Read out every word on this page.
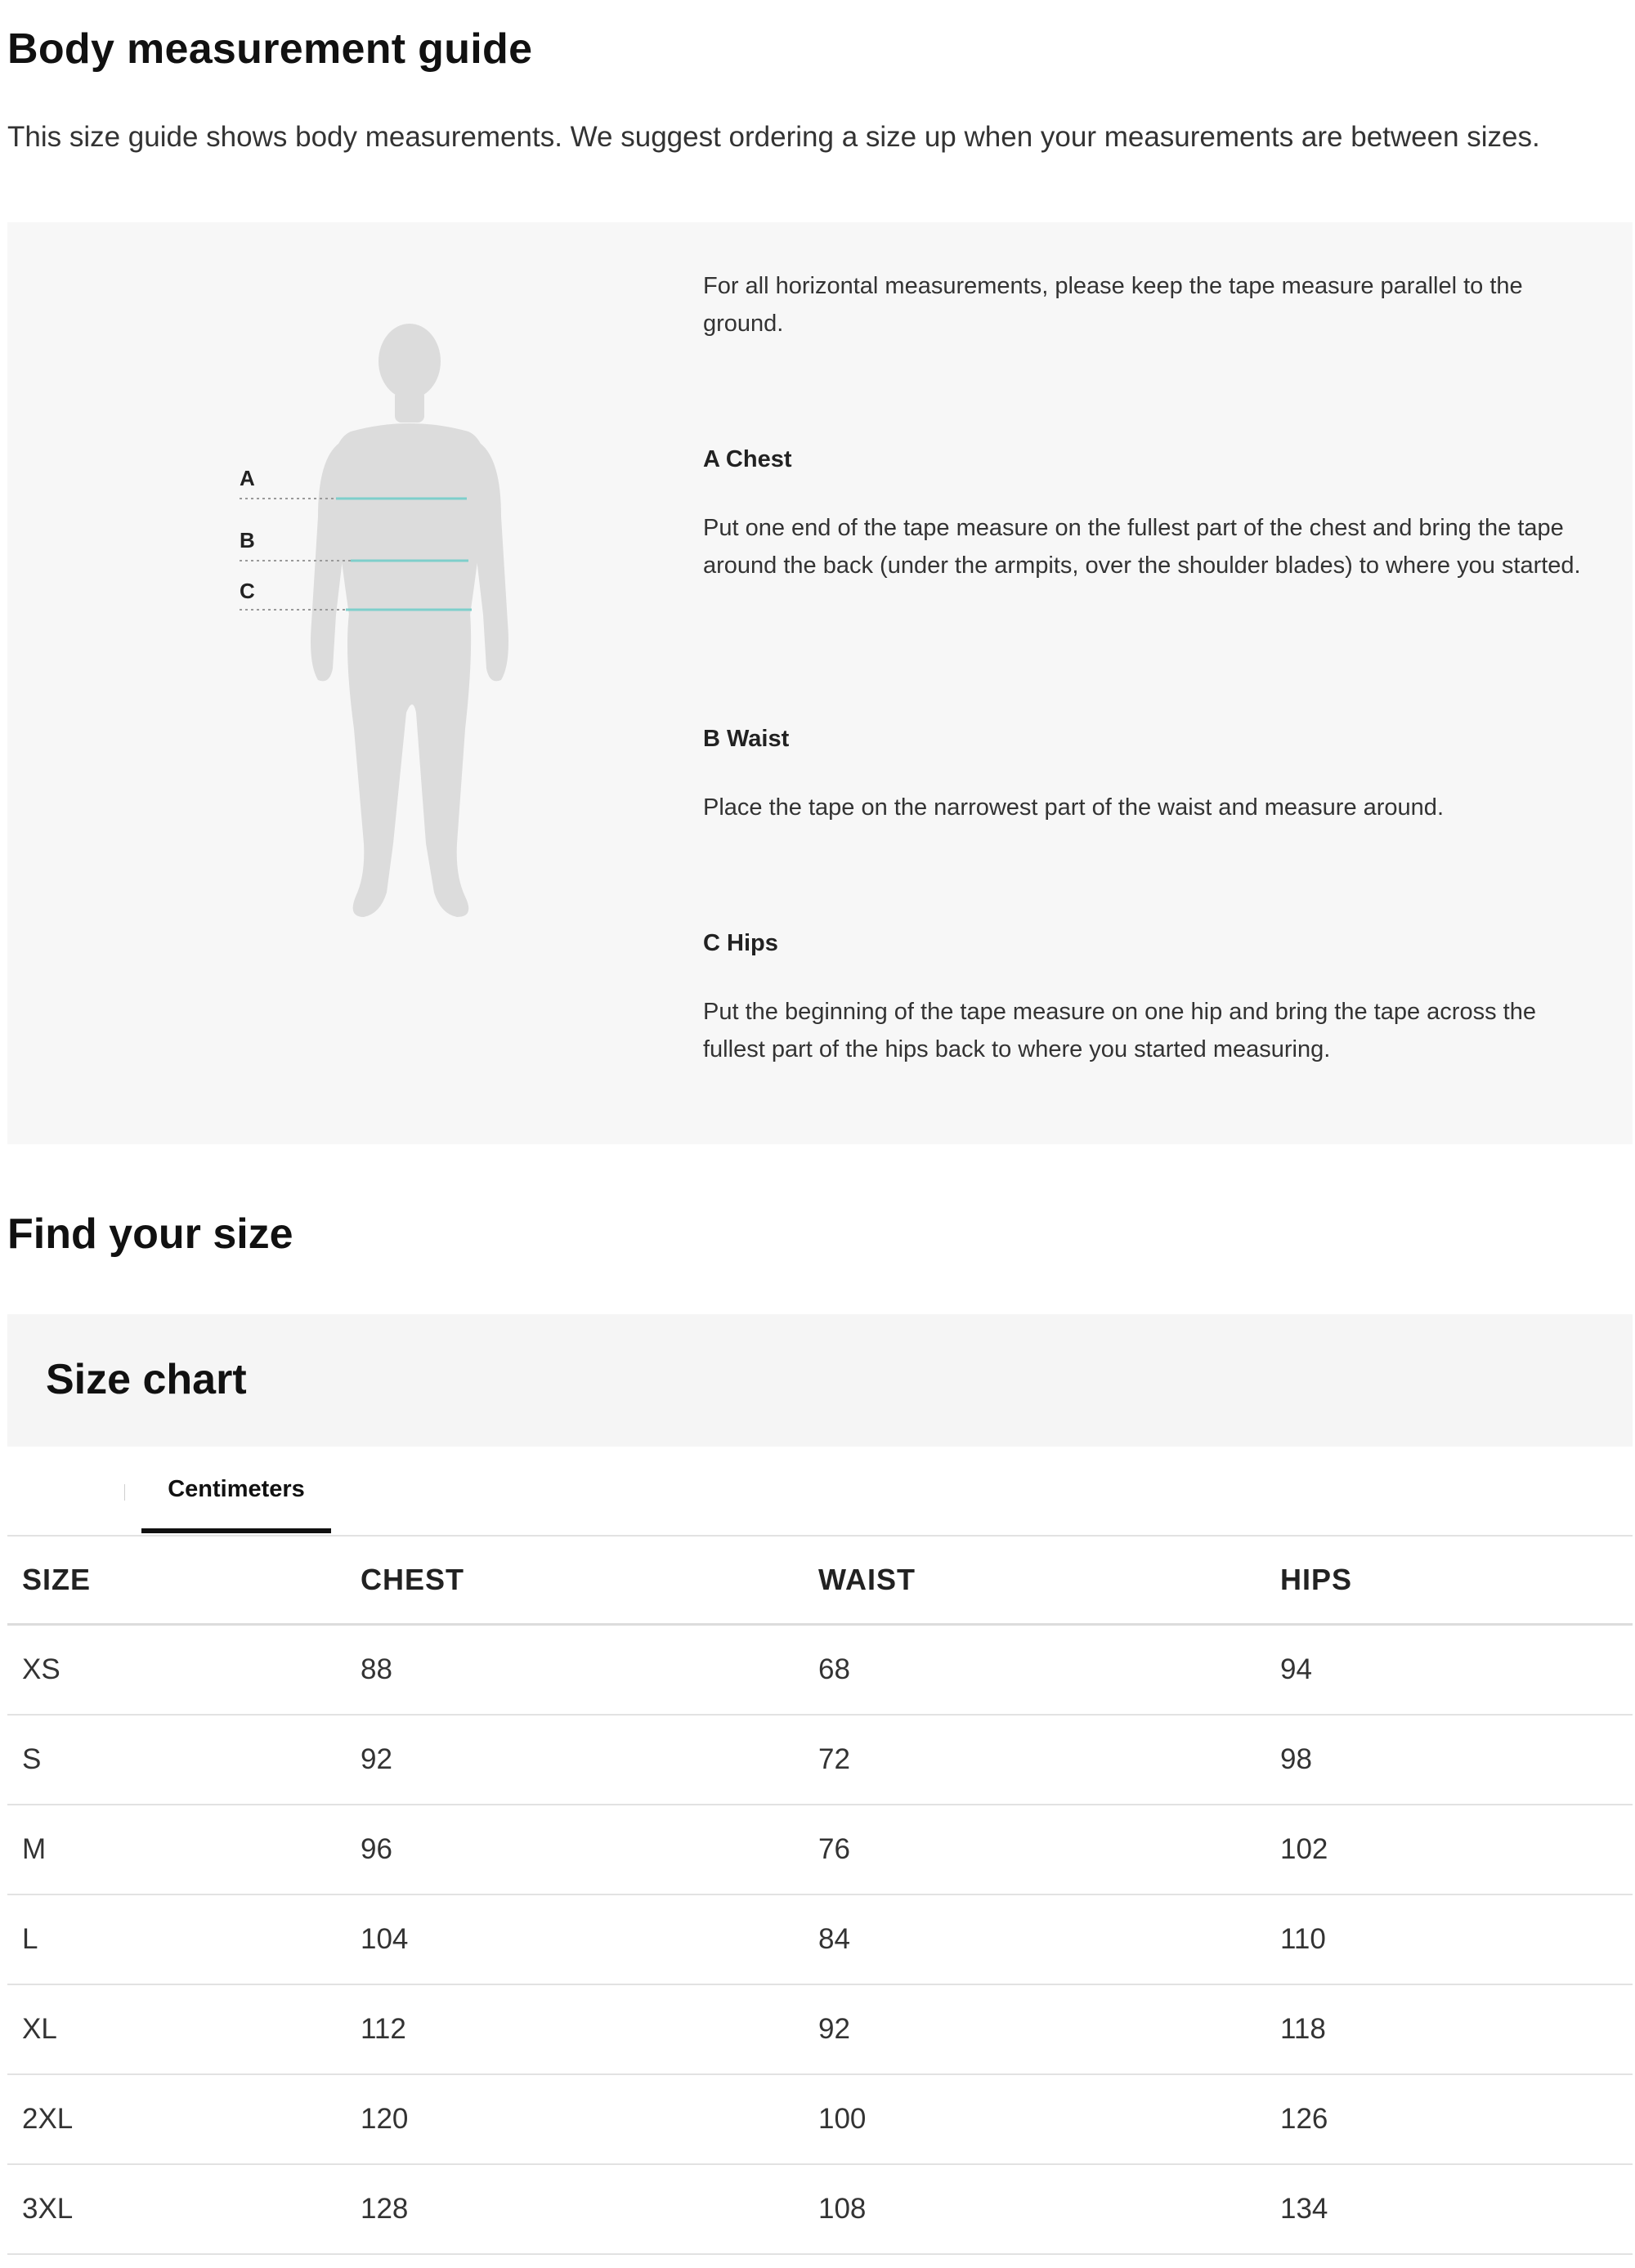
Body measurement guide

This size guide shows body measurements. We suggest ordering a size up when your measurements are between sizes.

A
B
C

For all horizontal measurements, please keep the tape measure parallel to the ground.

A Chest

Put one end of the tape measure on the fullest part of the chest and bring the tape around the back (under the armpits, over the shoulder blades) to where you started.

B Waist

Place the tape on the narrowest part of the waist and measure around.

C Hips

Put the beginning of the tape measure on one hip and bring the tape across the fullest part of the hips back to where you started measuring.

Find your size
Size chart
Centimeters
SIZE	CHEST	WAIST	HIPS
XS	88	68	94
S	92	72	98
M	96	76	102
L	104	84	110
XL	112	92	118
2XL	120	100	126
3XL	128	108	134
